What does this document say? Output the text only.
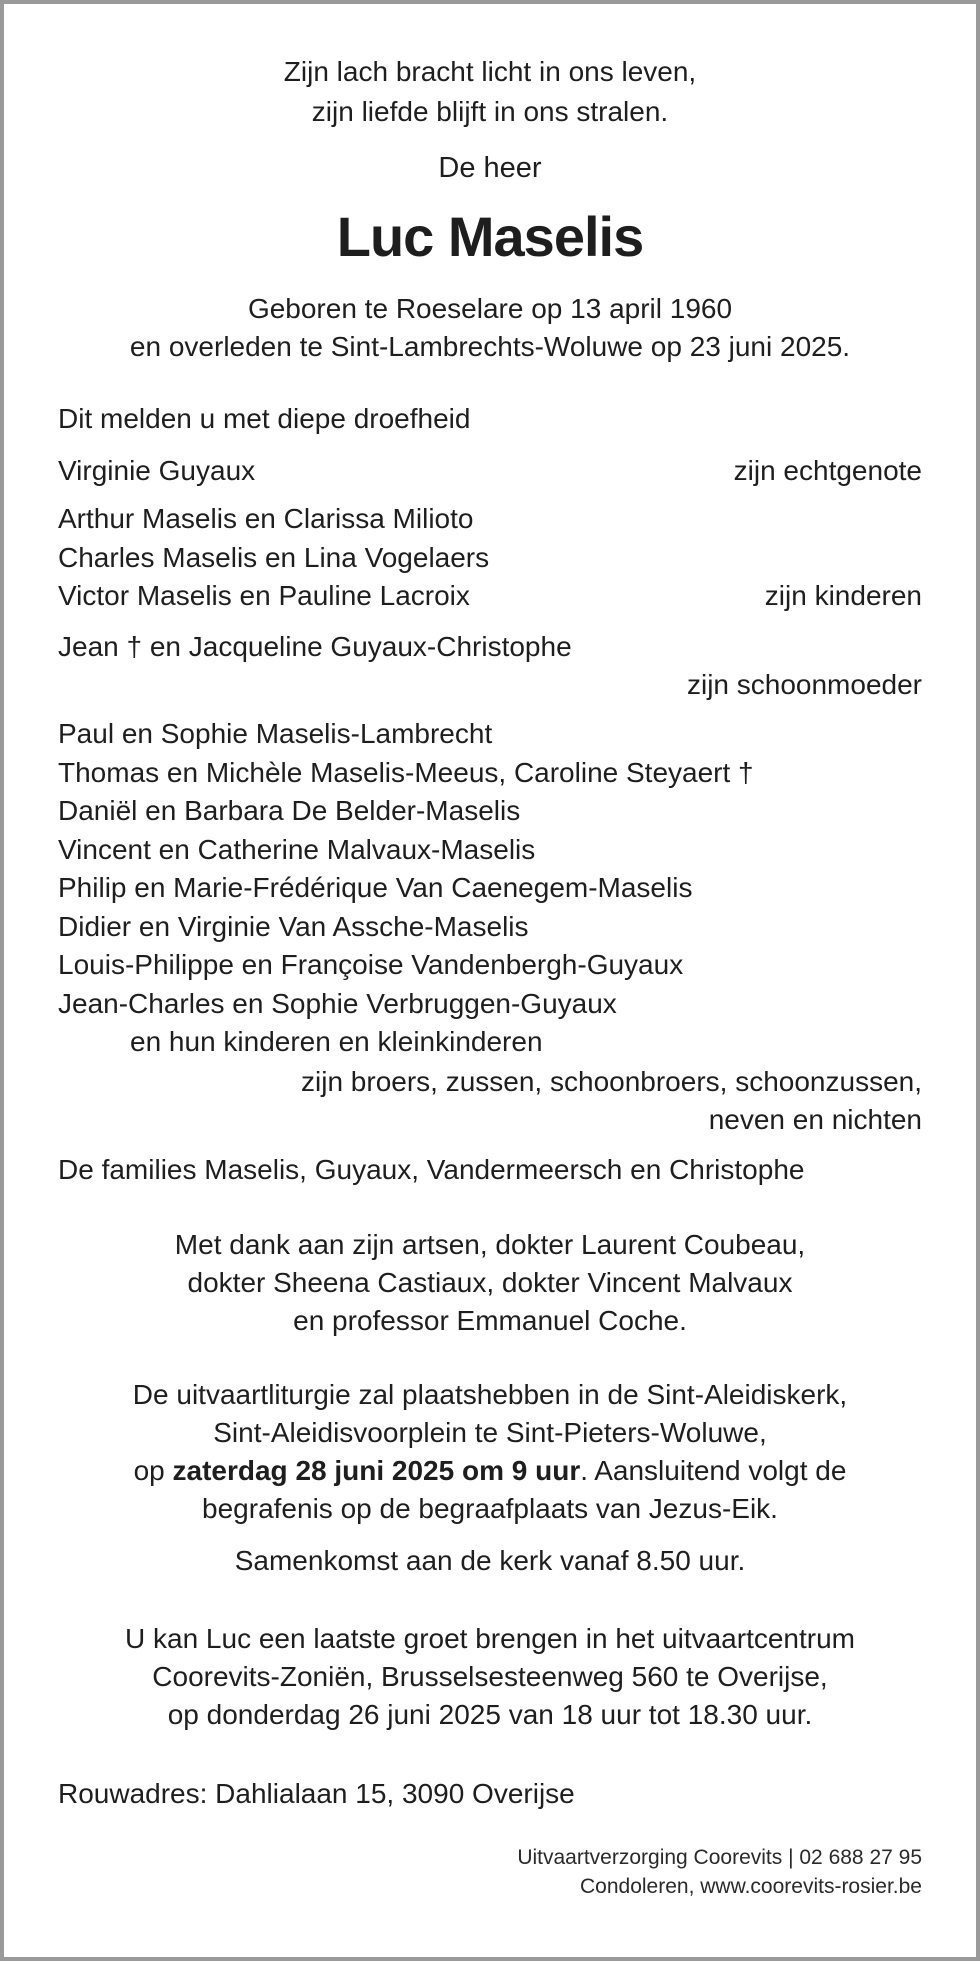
Zijn lach bracht licht in ons leven,
zijn liefde blijft in ons stralen.
De heer
Luc Maselis
Geboren te Roeselare op 13 april 1960
en overleden te Sint-Lambrechts-Woluwe op 23 juni 2025.
Dit melden u met diepe droefheid
Virginie Guyaux	zijn echtgenote
Arthur Maselis en Clarissa Milioto
Charles Maselis en Lina Vogelaers
Victor Maselis en Pauline Lacroix	zijn kinderen
Jean † en Jacqueline Guyaux-Christophe
zijn schoonmoeder
Paul en Sophie Maselis-Lambrecht
Thomas en Michèle Maselis-Meeus, Caroline Steyaert †
Daniël en Barbara De Belder-Maselis
Vincent en Catherine Malvaux-Maselis
Philip en Marie-Frédérique Van Caenegem-Maselis
Didier en Virginie Van Assche-Maselis
Louis-Philippe en Françoise Vandenbergh-Guyaux
Jean-Charles en Sophie Verbruggen-Guyaux
en hun kinderen en kleinkinderen
zijn broers, zussen, schoonbroers, schoonzussen,
neven en nichten
De families Maselis, Guyaux, Vandermeersch en Christophe
Met dank aan zijn artsen, dokter Laurent Coubeau,
dokter Sheena Castiaux, dokter Vincent Malvaux
en professor Emmanuel Coche.
De uitvaartliturgie zal plaatshebben in de Sint-Aleidiskerk,
Sint-Aleidisvoorplein te Sint-Pieters-Woluwe,
op zaterdag 28 juni 2025 om 9 uur. Aansluitend volgt de
begrafenis op de begraafplaats van Jezus-Eik.
Samenkomst aan de kerk vanaf 8.50 uur.
U kan Luc een laatste groet brengen in het uitvaartcentrum
Coorevits-Zoniën, Brusselsesteenweg 560 te Overijse,
op donderdag 26 juni 2025 van 18 uur tot 18.30 uur.
Rouwadres: Dahlialaan 15, 3090 Overijse
Uitvaartverzorging Coorevits | 02 688 27 95
Condoleren, www.coorevits-rosier.be
